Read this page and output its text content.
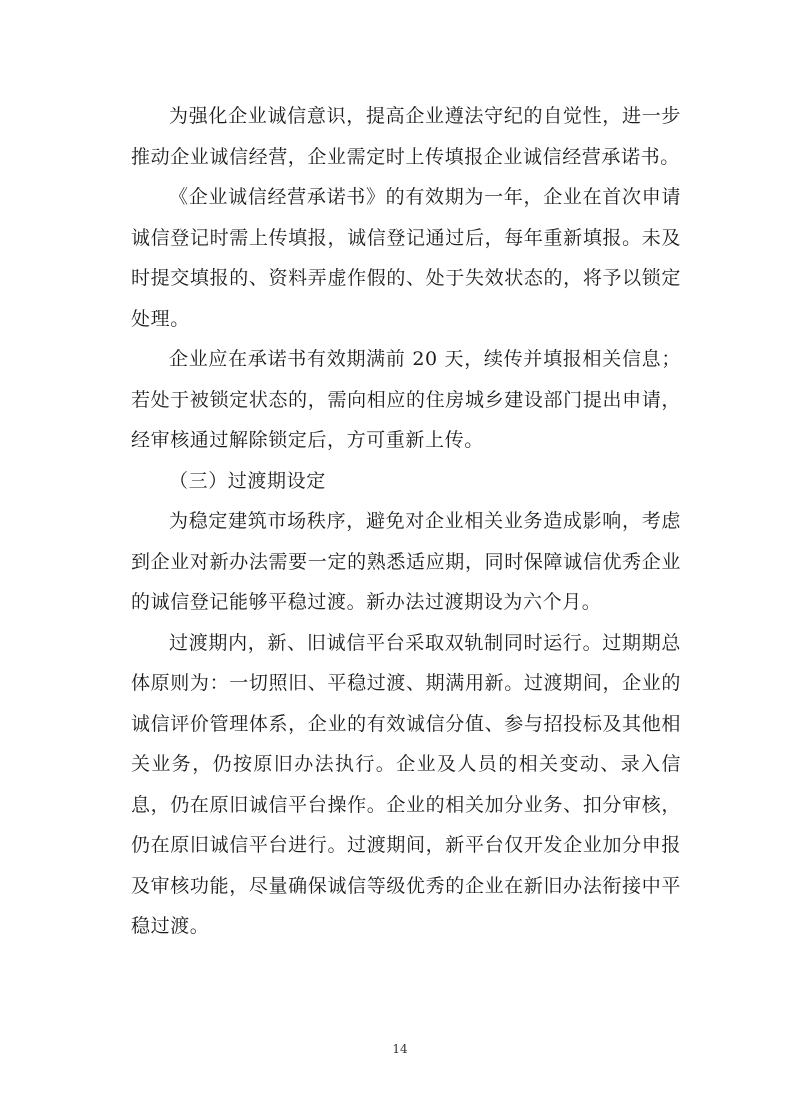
为强化企业诚信意识，提高企业遵法守纪的自觉性，进一步推动企业诚信经营，企业需定时上传填报企业诚信经营承诺书。

《企业诚信经营承诺书》的有效期为一年，企业在首次申请诚信登记时需上传填报，诚信登记通过后，每年重新填报。未及时提交填报的、资料弄虚作假的、处于失效状态的，将予以锁定处理。

企业应在承诺书有效期满前 20 天，续传并填报相关信息；若处于被锁定状态的，需向相应的住房城乡建设部门提出申请，经审核通过解除锁定后，方可重新上传。

（三）过渡期设定

为稳定建筑市场秩序，避免对企业相关业务造成影响，考虑到企业对新办法需要一定的熟悉适应期，同时保障诚信优秀企业的诚信登记能够平稳过渡。新办法过渡期设为六个月。

过渡期内，新、旧诚信平台采取双轨制同时运行。过期期总体原则为：一切照旧、平稳过渡、期满用新。过渡期间，企业的诚信评价管理体系，企业的有效诚信分值、参与招投标及其他相关业务，仍按原旧办法执行。企业及人员的相关变动、录入信息，仍在原旧诚信平台操作。企业的相关加分业务、扣分审核，仍在原旧诚信平台进行。过渡期间，新平台仅开发企业加分申报及审核功能，尽量确保诚信等级优秀的企业在新旧办法衔接中平稳过渡。

14
